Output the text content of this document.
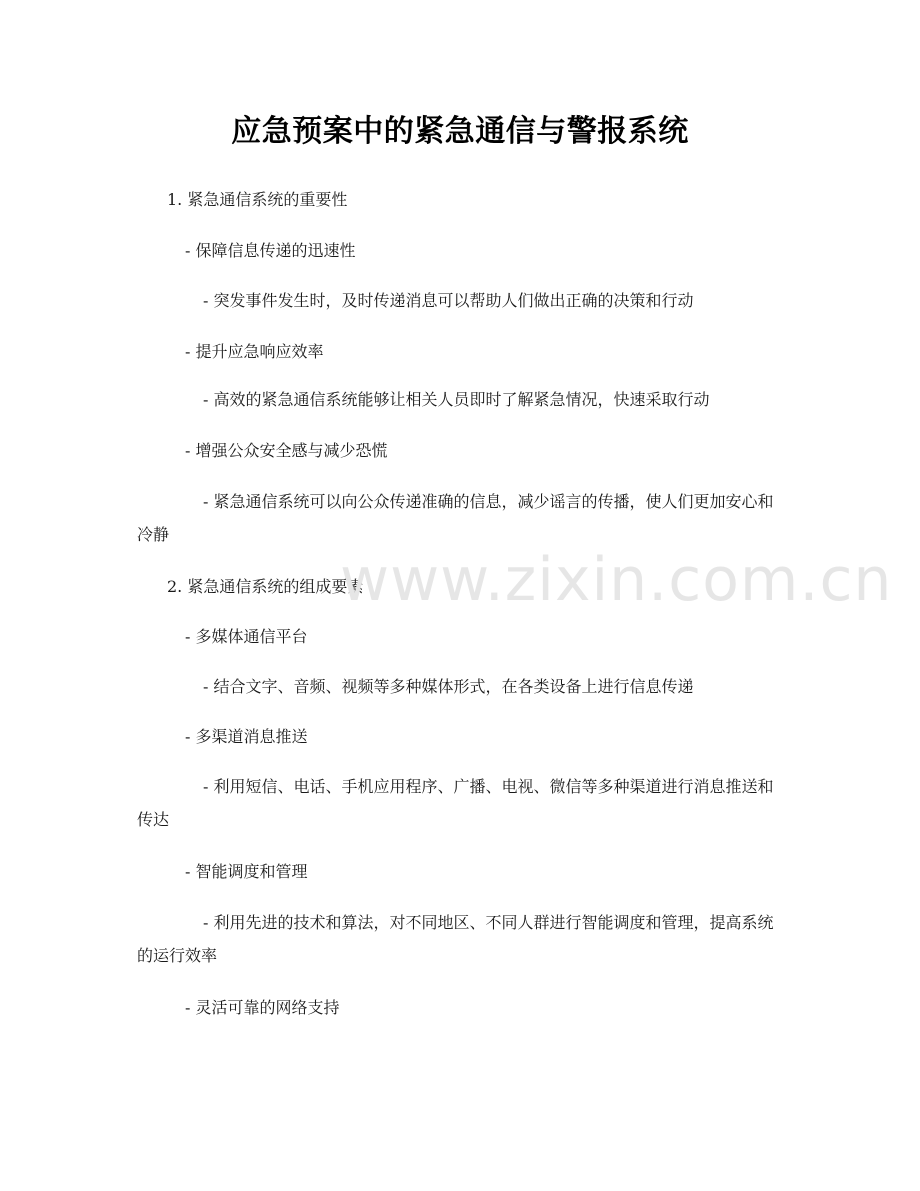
应急预案中的紧急通信与警报系统

1. 紧急通信系统的重要性

- 保障信息传递的迅速性

- 突发事件发生时，及时传递消息可以帮助人们做出正确的决策和行动

- 提升应急响应效率

- 高效的紧急通信系统能够让相关人员即时了解紧急情况，快速采取行动

- 增强公众安全感与减少恐慌

- 紧急通信系统可以向公众传递准确的信息，减少谣言的传播，使人们更加安心和冷静

2. 紧急通信系统的组成要素

- 多媒体通信平台

- 结合文字、音频、视频等多种媒体形式，在各类设备上进行信息传递

- 多渠道消息推送

- 利用短信、电话、手机应用程序、广播、电视、微信等多种渠道进行消息推送和传达

- 智能调度和管理

- 利用先进的技术和算法，对不同地区、不同人群进行智能调度和管理，提高系统的运行效率

- 灵活可靠的网络支持

www.zixin.com.cn
